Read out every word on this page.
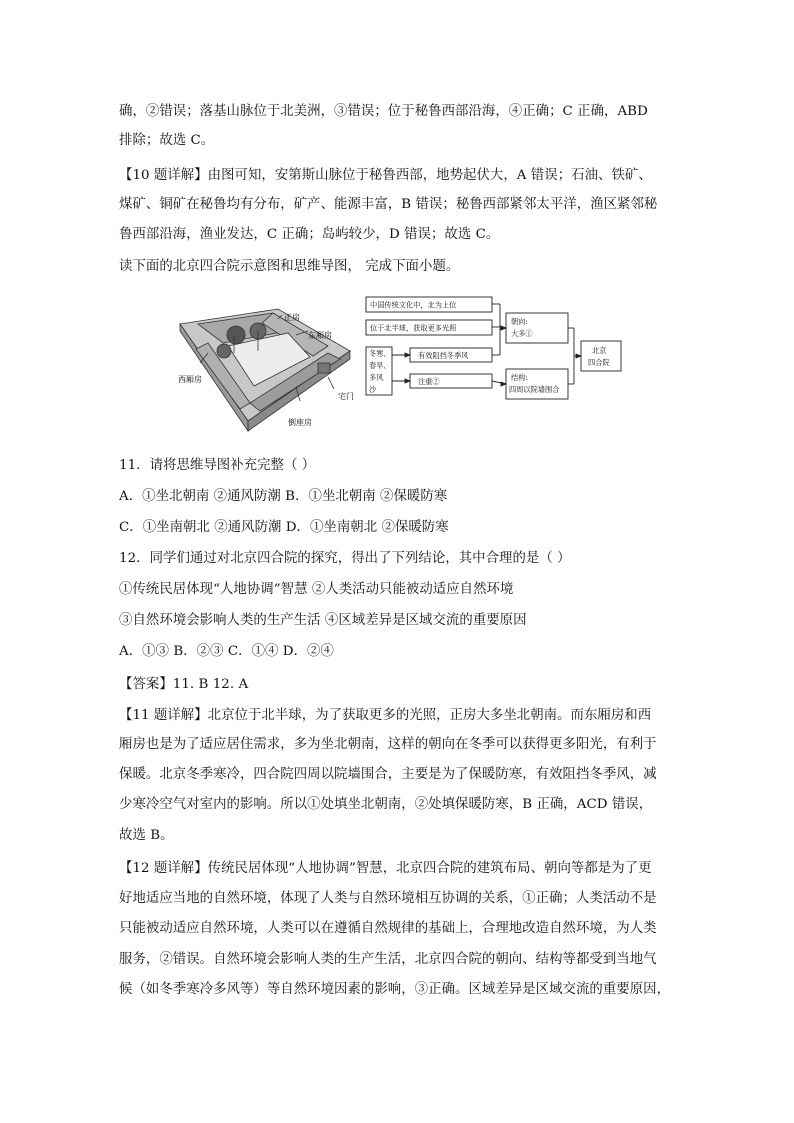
确，②错误；落基山脉位于北美洲，③错误；位于秘鲁西部沿海，④正确；C 正确，ABD
排除；故选 C。
【10 题详解】由图可知，安第斯山脉位于秘鲁西部，地势起伏大，A 错误；石油、铁矿、
煤矿、铜矿在秘鲁均有分布，矿产、能源丰富，B 错误；秘鲁西部紧邻太平洋，渔区紧邻秘
鲁西部沿海，渔业发达，C 正确；岛屿较少，D 错误；故选 C。
读下面的北京四合院示意图和思维导图， 完成下面小题。
正房
东厢房
西厢房
宅门
倒座房
中国传统文化中，北为上位
位于北半球，获取更多光照
冬寒、
春旱、
多风
沙
有效阻挡冬季风
注重②
朝向:
大多①
结构:
四周以院墙围合
北京
四合院
11．请将思维导图补充完整（ ）
A．①坐北朝南 ②通风防潮 B．①坐北朝南 ②保暖防寒
C．①坐南朝北 ②通风防潮 D．①坐南朝北 ②保暖防寒
12．同学们通过对北京四合院的探究，得出了下列结论，其中合理的是（ ）
①传统民居体现“人地协调”智慧 ②人类活动只能被动适应自然环境
③自然环境会影响人类的生产生活 ④区域差异是区域交流的重要原因
A．①③ B．②③ C．①④ D．②④
【答案】11. B 12. A
【11 题详解】北京位于北半球，为了获取更多的光照，正房大多坐北朝南。而东厢房和西
厢房也是为了适应居住需求，多为坐北朝南，这样的朝向在冬季可以获得更多阳光，有利于
保暖。北京冬季寒冷，四合院四周以院墙围合，主要是为了保暖防寒，有效阻挡冬季风，减
少寒冷空气对室内的影响。所以①处填坐北朝南，②处填保暖防寒，B 正确，ACD 错误，
故选 B。
【12 题详解】传统民居体现“人地协调”智慧，北京四合院的建筑布局、朝向等都是为了更
好地适应当地的自然环境，体现了人类与自然环境相互协调的关系，①正确；人类活动不是
只能被动适应自然环境，人类可以在遵循自然规律的基础上，合理地改造自然环境，为人类
服务，②错误。自然环境会影响人类的生产生活，北京四合院的朝向、结构等都受到当地气
候（如冬季寒冷多风等）等自然环境因素的影响，③正确。区域差异是区域交流的重要原因，
